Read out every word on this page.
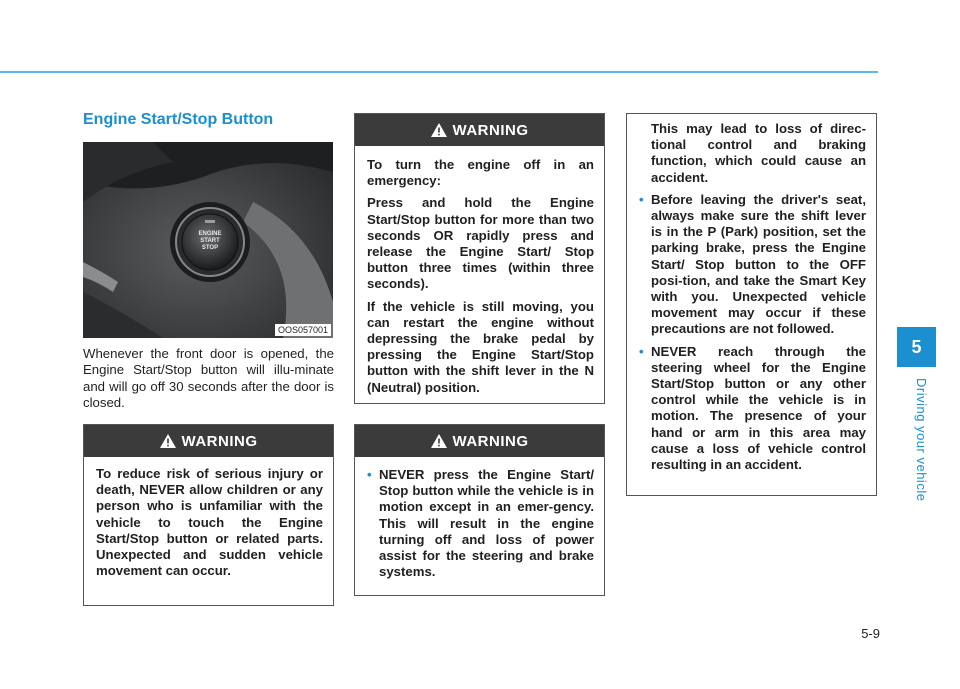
5
Driving your vehicle
5-9
Engine Start/Stop Button
ENGINE
START
STOP
OOS057001

Whenever the front door is opened, the Engine Start/Stop button will illu-minate and will go off 30 seconds after the door is closed.

WARNING

To reduce risk of serious injury or death, NEVER allow children or any person who is unfamiliar with the vehicle to touch the Engine Start/Stop button or related parts. Unexpected and sudden vehicle movement can occur.

WARNING

To turn the engine off in an emergency:

Press and hold the Engine Start/Stop button for more than two seconds OR rapidly press and release the Engine Start/ Stop button three times (within three seconds).

If the vehicle is still moving, you can restart the engine without depressing the brake pedal by pressing the Engine Start/Stop button with the shift lever in the N (Neutral) position.

WARNING
• NEVER press the Engine Start/ Stop button while the vehicle is in motion except in an emer-gency. This will result in the engine turning off and loss of power assist for the steering and brake systems.

This may lead to loss of direc-tional control and braking function, which could cause an accident.

• Before leaving the driver's seat, always make sure the shift lever is in the P (Park) position, set the parking brake, press the Engine Start/ Stop button to the OFF posi-tion, and take the Smart Key with you. Unexpected vehicle movement may occur if these precautions are not followed.
• NEVER reach through the steering wheel for the Engine Start/Stop button or any other control while the vehicle is in motion. The presence of your hand or arm in this area may cause a loss of vehicle control resulting in an accident.
